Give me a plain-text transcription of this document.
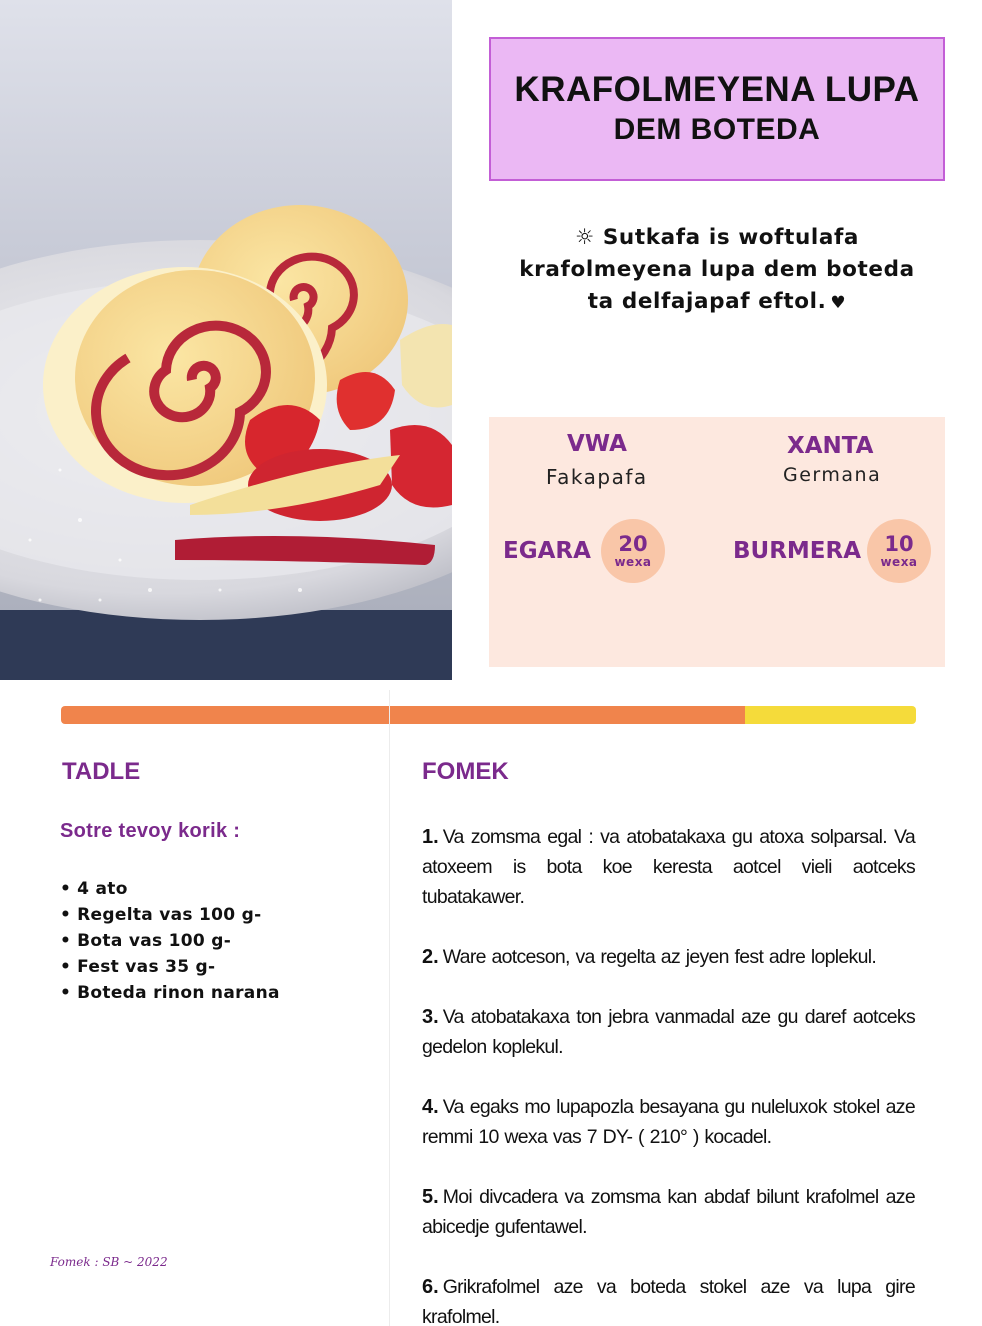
KRAFOLMEYENA LUPA
DEM BOTEDA
☼ Sutkafa is woftulafa
krafolmeyena lupa dem boteda
ta delfajapaf eftol. ♥
VWA
Fakapafa
XANTA
Germana
EGARA 20
wexa	BURMERA 10
wexa
TADLE
Sotre tevoy korik :
• 4 ato
• Regelta vas 100 g-
• Bota vas 100 g-
• Fest vas 35 g-
• Boteda rinon narana
Fomek : SB ~ 2022
FOMEK

1. Va zomsma egal : va atobatakaxa gu atoxa solparsal. Va atoxeem is bota koe keresta aotcel vieli aotceks tubatakawer.

2. Ware aotceson, va regelta az jeyen fest adre loplekul.

3. Va atobatakaxa ton jebra vanmadal aze gu daref aotceks gedelon koplekul.

4. Va egaks mo lupapozla besayana gu nuleluxok stokel aze remmi 10 wexa vas 7 DY- ( 210° ) kocadel.

5. Moi divcadera va zomsma kan abdaf bilunt krafolmel aze abicedje gufentawel.

6. Grikrafolmel aze va boteda stokel aze va lupa gire krafolmel.
